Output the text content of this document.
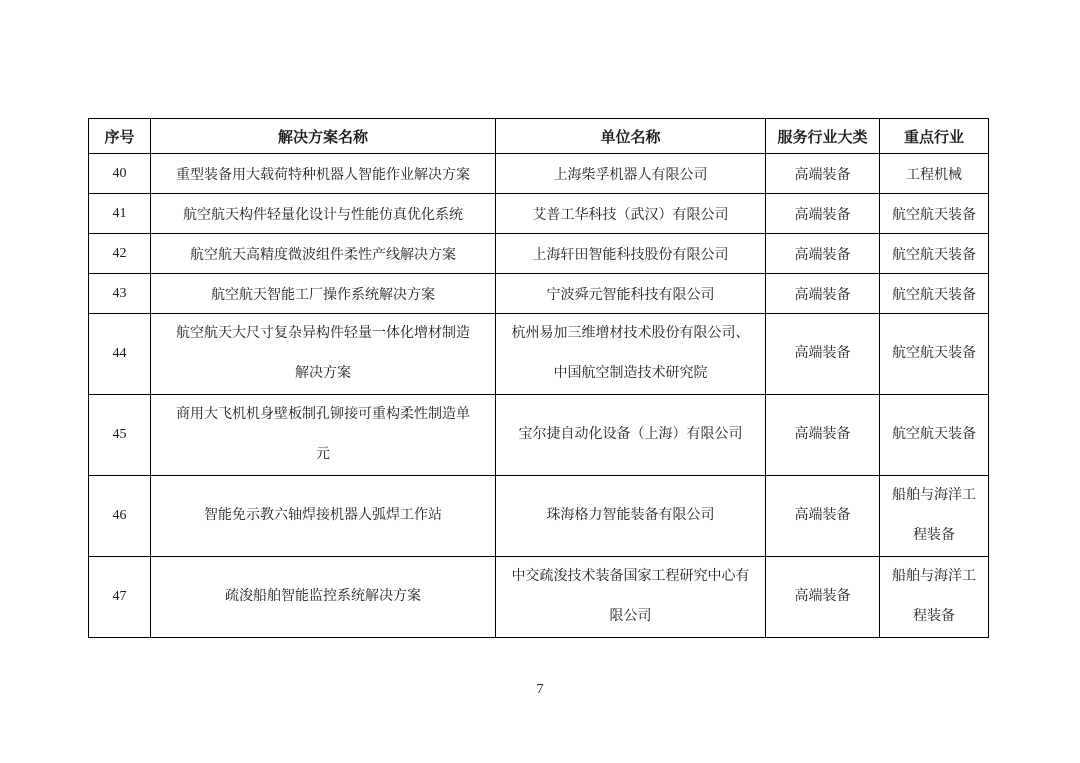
序号	解决方案名称	单位名称	服务行业大类	重点行业
40	重型装备用大载荷特种机器人智能作业解决方案	上海柴孚机器人有限公司	高端装备	工程机械
41	航空航天构件轻量化设计与性能仿真优化系统	艾普工华科技（武汉）有限公司	高端装备	航空航天装备
42	航空航天高精度微波组件柔性产线解决方案	上海轩田智能科技股份有限公司	高端装备	航空航天装备
43	航空航天智能工厂操作系统解决方案	宁波舜元智能科技有限公司	高端装备	航空航天装备
44	航空航天大尺寸复杂异构件轻量一体化增材制造解决方案	杭州易加三维增材技术股份有限公司、中国航空制造技术研究院	高端装备	航空航天装备
45	商用大飞机机身壁板制孔铆接可重构柔性制造单元	宝尔捷自动化设备（上海）有限公司	高端装备	航空航天装备
46	智能免示教六轴焊接机器人弧焊工作站	珠海格力智能装备有限公司	高端装备	船舶与海洋工程装备
47	疏浚船舶智能监控系统解决方案	中交疏浚技术装备国家工程研究中心有限公司	高端装备	船舶与海洋工程装备
7
